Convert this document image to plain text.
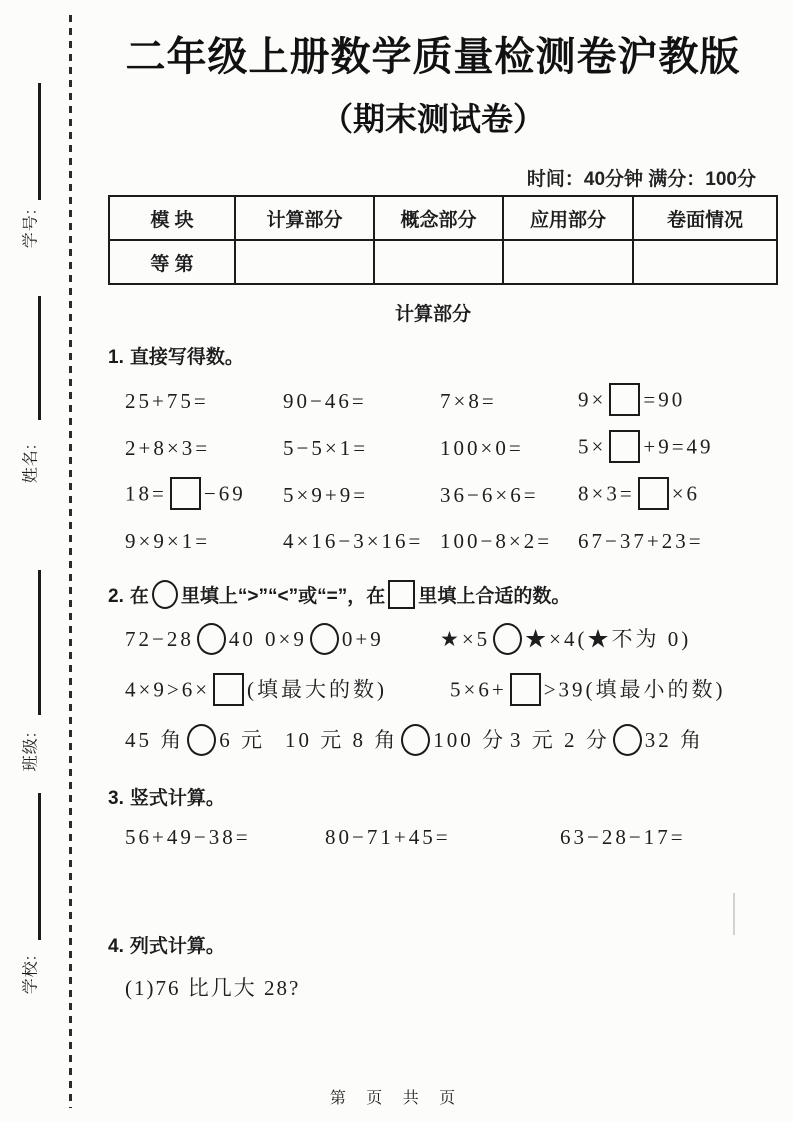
学号:
姓名:
班级:
学校:
二年级上册数学质量检测卷沪教版
（期末测试卷）
时间：40分钟 满分：100分
模 块	计算部分	概念部分	应用部分	卷面情况
等 第				
计算部分
1. 直接写得数。
25+75=	90−46=	7×8=	9× =90
2+8×3=	5−5×1=	100×0=	5× +9=49
18= −69	5×9+9=	36−6×6=	8×3= ×6
9×9×1=	4×16−3×16= 100−8×2=	67−37+23=
2. 在 里填上“>”“<”或“=”，在 里填上合适的数。
72−28 40 0×9 0+9	★×5 ★×4(★不为 0)
4×9>6× (填最大的数)	5×6+ >39(填最小的数)
45 角 6 元 10 元 8 角 100 分 3 元 2 分 32 角
3. 竖式计算。
56+49−38=	80−71+45=	63−28−17=
4. 列式计算。
(1)76 比几大 28?
第 页 共 页
